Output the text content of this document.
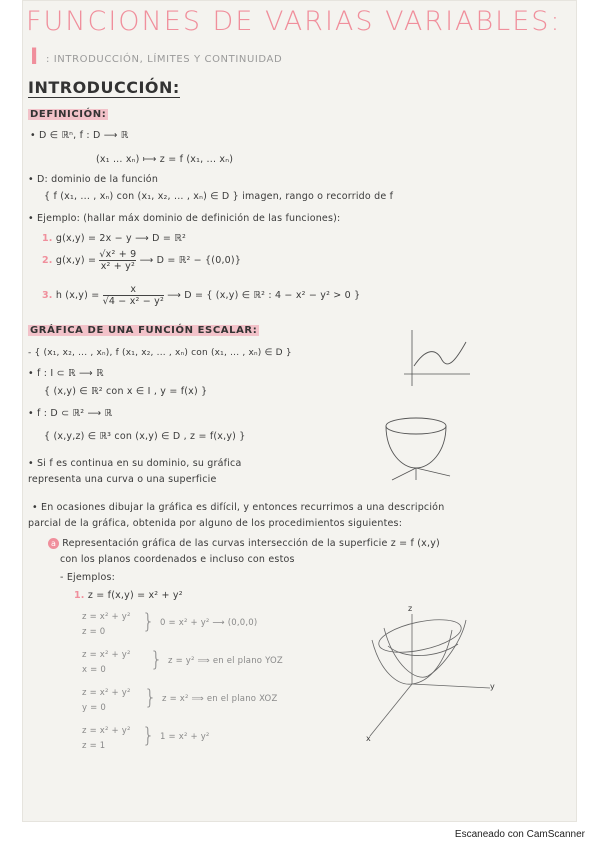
FUNCIONES DE VARIAS VARIABLES:
I : INTRODUCCIÓN, LÍMITES Y CONTINUIDAD
INTRODUCCIÓN:
DEFINICIÓN:
• D ∈ ℝⁿ, f : D ⟶ ℝ
(x₁ ... xₙ) ⟼ z = f (x₁, ... xₙ)
• D: dominio de la función
{ f (x₁, ... , xₙ) con (x₁, x₂, ... , xₙ) ∈ D } imagen, rango o recorrido de f
• Ejemplo: (hallar máx dominio de definición de las funciones):
1. g(x,y) = 2x − y ⟶ D = ℝ²
2. $g(x,y) = \frac{\text{√x² + 9}}{\text{x² + y²}}$ ⟶ D = ℝ² − {(0,0)}
3. h $(x,y) = \frac{x}{\text{√4 − x² − y²}}$ ⟶ D = { (x,y) ∈ ℝ² : 4 − x² − y² > 0 }
GRÁFICA DE UNA FUNCIÓN ESCALAR:
- { (x₁, x₂, ... , xₙ), f (x₁, x₂, ... , xₙ) con (x₁, ... , xₙ) ∈ D }
• f : I ⊂ ℝ ⟶ ℝ
{ (x,y) ∈ ℝ² con x ∈ I , y = f(x) }
• f : D ⊂ ℝ² ⟶ ℝ
{ (x,y,z) ∈ ℝ³ con (x,y) ∈ D , z = f(x,y) }
• Si f es continua en su dominio, su gráfica
representa una curva o una superficie
• En ocasiones dibujar la gráfica es difícil, y entonces recurrimos a una descripción
parcial de la gráfica, obtenida por alguno de los procedimientos siguientes:
a Representación gráfica de las curvas intersección de la superficie z = f (x,y)
con los planos coordenados e incluso con estos
- Ejemplos:
1. z = f(x,y) = x² + y²
z = x² + y²
z = 0 } 0 = x² + y² ⟶ (0,0,0)
z = x² + y²
x = 0 } z = y² ⟹ en el plano YOZ
z = x² + y²
y = 0 } z = x² ⟹ en el plano XOZ
z = x² + y²
z = 1 } 1 = x² + y²
z
y
x
Escaneado con CamScanner
